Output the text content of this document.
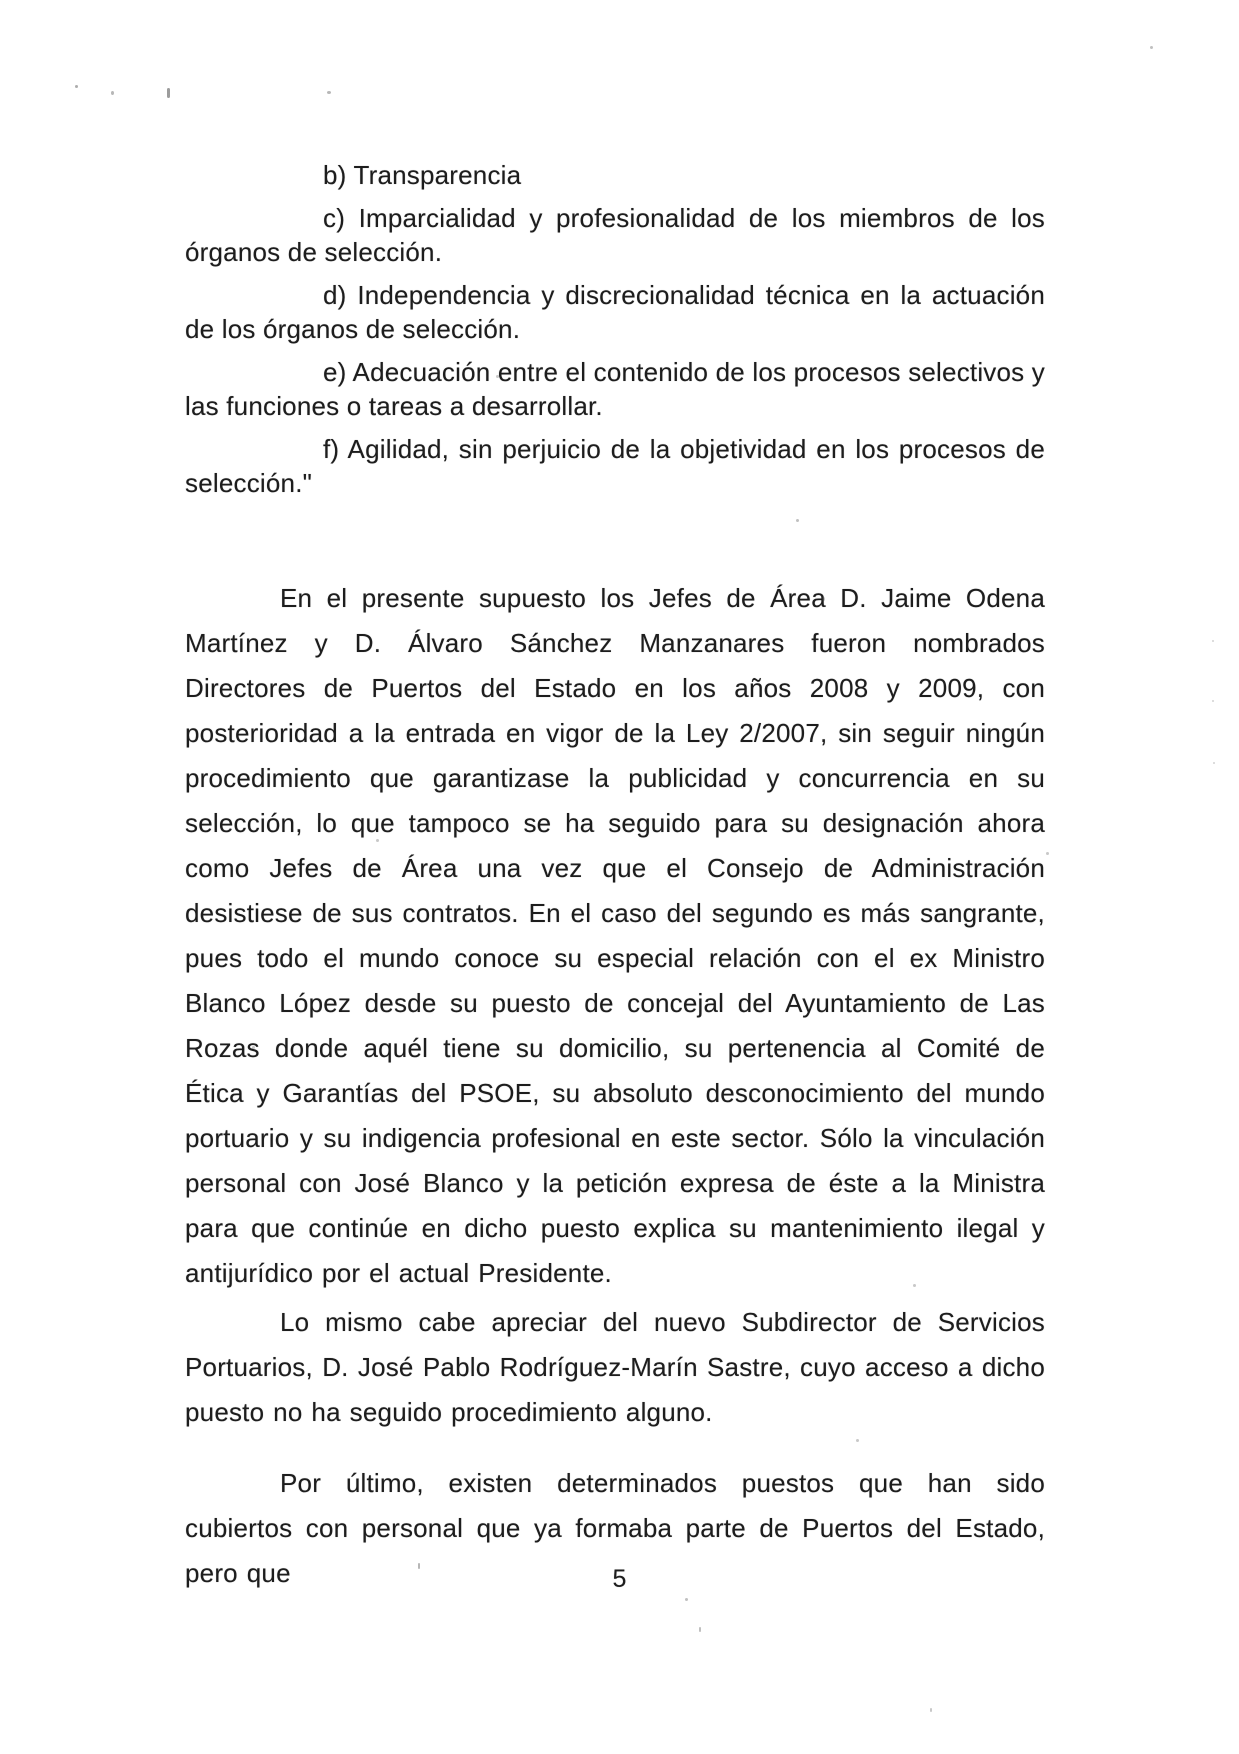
b) Transparencia

c) Imparcialidad y profesionalidad de los miembros de los órganos de selección.

d) Independencia y discrecionalidad técnica en la actuación de los órganos de selección.

e) Adecuación entre el contenido de los procesos selectivos y las funciones o tareas a desarrollar.

f) Agilidad, sin perjuicio de la objetividad en los procesos de selección."

En el presente supuesto los Jefes de Área D. Jaime Odena Martínez y D. Álvaro Sánchez Manzanares fueron nombrados Directores de Puertos del Estado en los años 2008 y 2009, con posterioridad a la entrada en vigor de la Ley 2/2007, sin seguir ningún procedimiento que garantizase la publicidad y concurrencia en su selección, lo que tampoco se ha seguido para su designación ahora como Jefes de Área una vez que el Consejo de Administración desistiese de sus contratos. En el caso del segundo es más sangrante, pues todo el mundo conoce su especial relación con el ex Ministro Blanco López desde su puesto de concejal del Ayuntamiento de Las Rozas donde aquél tiene su domicilio, su pertenencia al Comité de Ética y Garantías del PSOE, su absoluto desconocimiento del mundo portuario y su indigencia profesional en este sector. Sólo la vinculación personal con José Blanco y la petición expresa de éste a la Ministra para que continúe en dicho puesto explica su mantenimiento ilegal y antijurídico por el actual Presidente.

Lo mismo cabe apreciar del nuevo Subdirector de Servicios Portuarios, D. José Pablo Rodríguez-Marín Sastre, cuyo acceso a dicho puesto no ha seguido procedimiento alguno.

Por último, existen determinados puestos que han sido cubiertos con personal que ya formaba parte de Puertos del Estado, pero que	5
